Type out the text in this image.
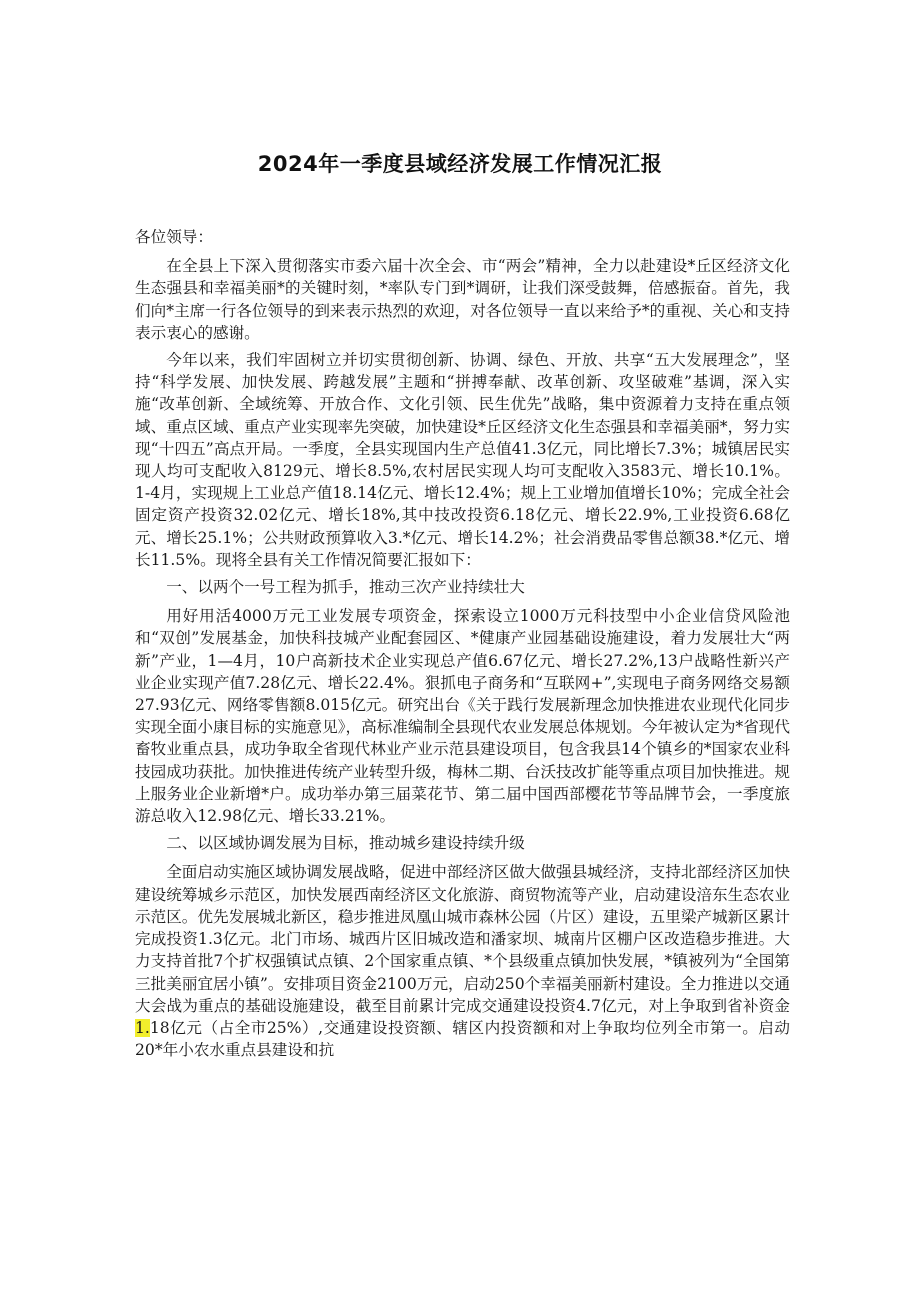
2024年一季度县域经济发展工作情况汇报

各位领导：

在全县上下深入贯彻落实市委六届十次全会、市“两会”精神，全力以赴建设*丘区经济文化生态强县和幸福美丽*的关键时刻，*率队专门到*调研，让我们深受鼓舞，倍感振奋。首先，我们向*主席一行各位领导的到来表示热烈的欢迎，对各位领导一直以来给予*的重视、关心和支持表示衷心的感谢。

今年以来，我们牢固树立并切实贯彻创新、协调、绿色、开放、共享“五大发展理念”，坚持“科学发展、加快发展、跨越发展”主题和“拼搏奉献、改革创新、攻坚破难”基调，深入实施“改革创新、全域统筹、开放合作、文化引领、民生优先”战略，集中资源着力支持在重点领域、重点区域、重点产业实现率先突破，加快建设*丘区经济文化生态强县和幸福美丽*，努力实现“十四五”高点开局。一季度，全县实现国内生产总值41.3亿元，同比增长7.3%；城镇居民实现人均可支配收入8129元、增长8.5%,农村居民实现人均可支配收入3583元、增长10.1%。1-4月，实现规上工业总产值18.14亿元、增长12.4%；规上工业增加值增长10%；完成全社会固定资产投资32.02亿元、增长18%,其中技改投资6.18亿元、增长22.9%,工业投资6.68亿元、增长25.1%；公共财政预算收入3.*亿元、增长14.2%；社会消费品零售总额38.*亿元、增长11.5%。现将全县有关工作情况简要汇报如下：

一、以两个一号工程为抓手，推动三次产业持续壮大

用好用活4000万元工业发展专项资金，探索设立1000万元科技型中小企业信贷风险池和“双创”发展基金，加快科技城产业配套园区、*健康产业园基础设施建设，着力发展壮大“两新”产业，1—4月，10户高新技术企业实现总产值6.67亿元、增长27.2%,13户战略性新兴产业企业实现产值7.28亿元、增长22.4%。狠抓电子商务和“互联网+”,实现电子商务网络交易额27.93亿元、网络零售额8.015亿元。研究出台《关于践行发展新理念加快推进农业现代化同步实现全面小康目标的实施意见》，高标准编制全县现代农业发展总体规划。今年被认定为*省现代畜牧业重点县，成功争取全省现代林业产业示范县建设项目，包含我县14个镇乡的*国家农业科技园成功获批。加快推进传统产业转型升级，梅林二期、台沃技改扩能等重点项目加快推进。规上服务业企业新增*户。成功举办第三届菜花节、第二届中国西部樱花节等品牌节会，一季度旅游总收入12.98亿元、增长33.21%。

二、以区域协调发展为目标，推动城乡建设持续升级

全面启动实施区域协调发展战略，促进中部经济区做大做强县城经济，支持北部经济区加快建设统筹城乡示范区，加快发展西南经济区文化旅游、商贸物流等产业，启动建设涪东生态农业示范区。优先发展城北新区，稳步推进凤凰山城市森林公园（片区）建设，五里梁产城新区累计完成投资1.3亿元。北门市场、城西片区旧城改造和潘家坝、城南片区棚户区改造稳步推进。大力支持首批7个扩权强镇试点镇、2个国家重点镇、*个县级重点镇加快发展，*镇被列为“全国第三批美丽宜居小镇”。安排项目资金2100万元，启动250个幸福美丽新村建设。全力推进以交通大会战为重点的基础设施建设，截至目前累计完成交通建设投资4.7亿元，对上争取到省补资金1.18亿元（占全市25%）,交通建设投资额、辖区内投资额和对上争取均位列全市第一。启动20*年小农水重点县建设和抗
